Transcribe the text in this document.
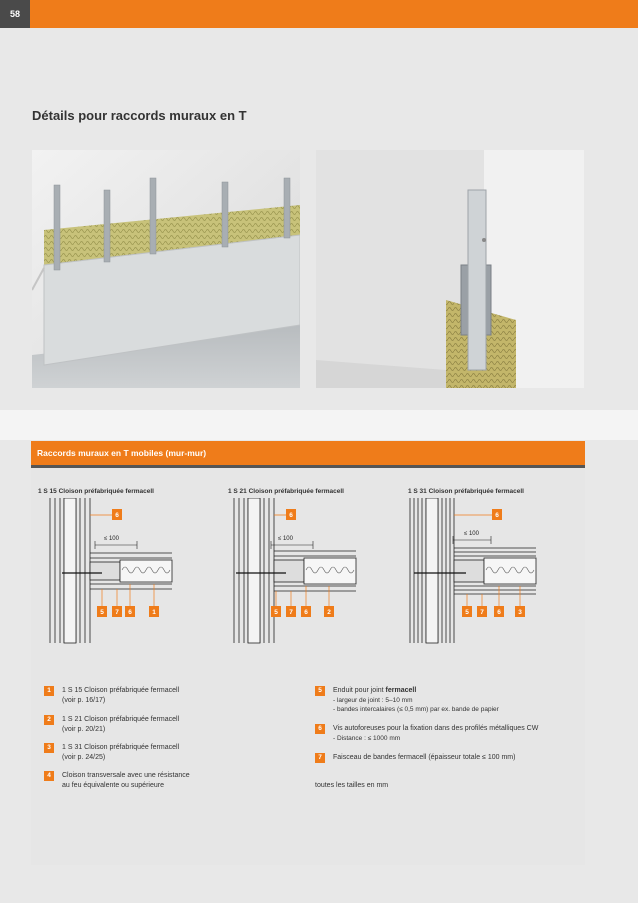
58
Détails pour raccords muraux en T
Raccords muraux en T mobiles (mur-mur)
1 S 15 Cloison préfabriquée fermacell	1 S 21 Cloison préfabriquée fermacell	1 S 31 Cloison préfabriquée fermacell
6
≤ 100
5 7 6	1
6
≤ 100
5 7 6	2
6
≤ 100
5 7 6	3
1	1 S 15 Cloison préfabriquée fermacell
(voir p. 16/17)
2	1 S 21 Cloison préfabriquée fermacell
(voir p. 20/21)
3	1 S 31 Cloison préfabriquée fermacell
(voir p. 24/25)
4	Cloison transversale avec une résistance
au feu équivalente ou supérieure
5	Enduit pour joint fermacell
- largeur de joint : 5–10 mm
- bandes intercalaires (≤ 0,5 mm) par ex. bande de papier
6	Vis autoforeuses pour la fixation dans des profilés métalliques CW
- Distance : ≤ 1000 mm
7	Faisceau de bandes fermacell (épaisseur totale ≤ 100 mm)
toutes les tailles en mm
